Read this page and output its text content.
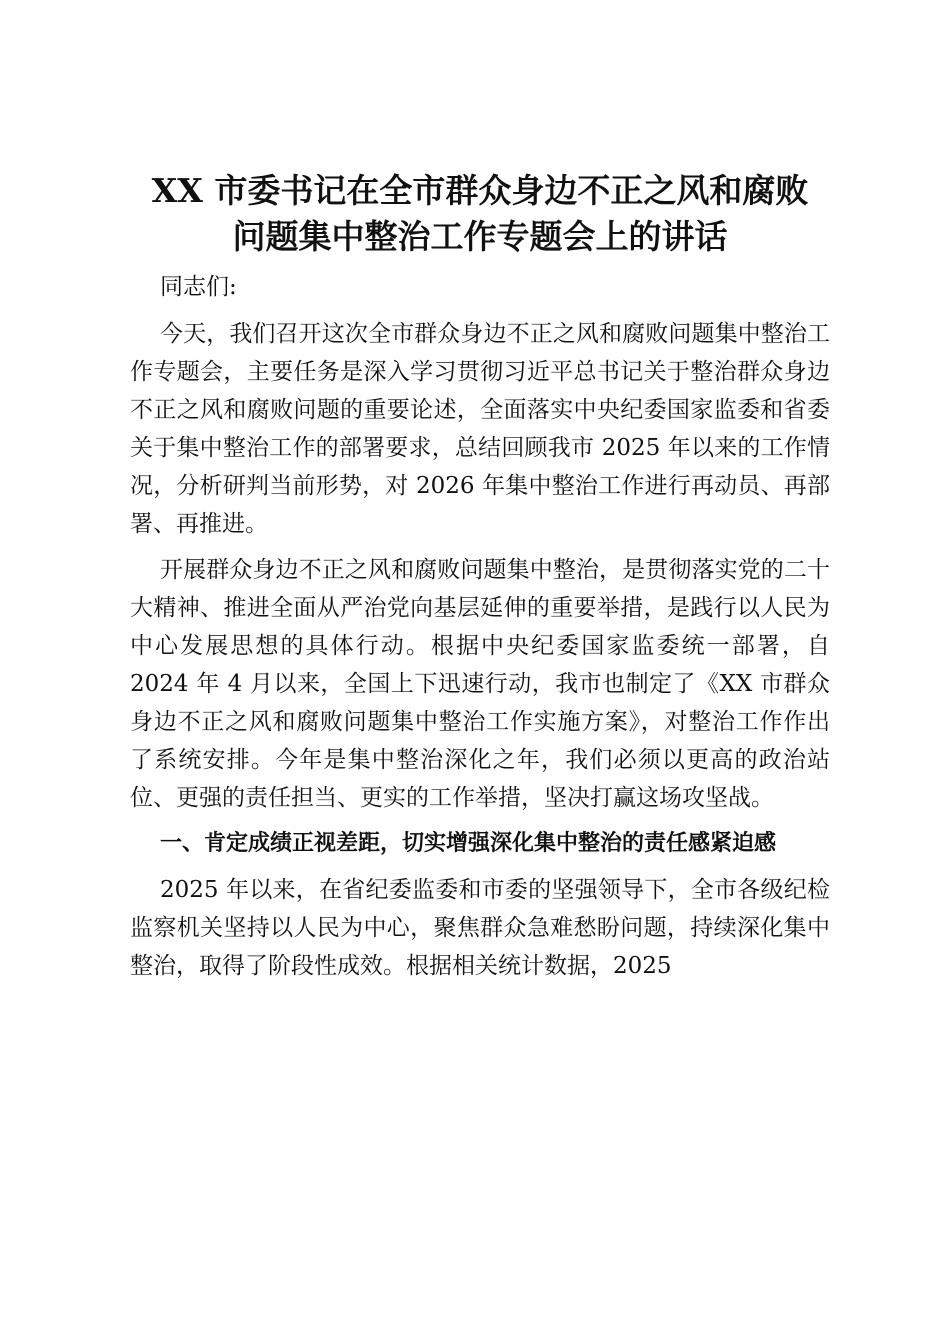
XX 市委书记在全市群众身边不正之风和腐败
问题集中整治工作专题会上的讲话

同志们:

今天，我们召开这次全市群众身边不正之风和腐败问题集中整治工作专题会，主要任务是深入学习贯彻习近平总书记关于整治群众身边不正之风和腐败问题的重要论述，全面落实中央纪委国家监委和省委关于集中整治工作的部署要求，总结回顾我市 2025 年以来的工作情况，分析研判当前形势，对 2026 年集中整治工作进行再动员、再部署、再推进。

开展群众身边不正之风和腐败问题集中整治，是贯彻落实党的二十大精神、推进全面从严治党向基层延伸的重要举措，是践行以人民为中心发展思想的具体行动。根据中央纪委国家监委统一部署，自 2024 年 4 月以来，全国上下迅速行动，我市也制定了《XX 市群众身边不正之风和腐败问题集中整治工作实施方案》，对整治工作作出了系统安排。今年是集中整治深化之年，我们必须以更高的政治站位、更强的责任担当、更实的工作举措，坚决打赢这场攻坚战。

一、肯定成绩正视差距，切实增强深化集中整治的责任感紧迫感

2025 年以来，在省纪委监委和市委的坚强领导下，全市各级纪检监察机关坚持以人民为中心，聚焦群众急难愁盼问题，持续深化集中整治，取得了阶段性成效。根据相关统计数据，2025
